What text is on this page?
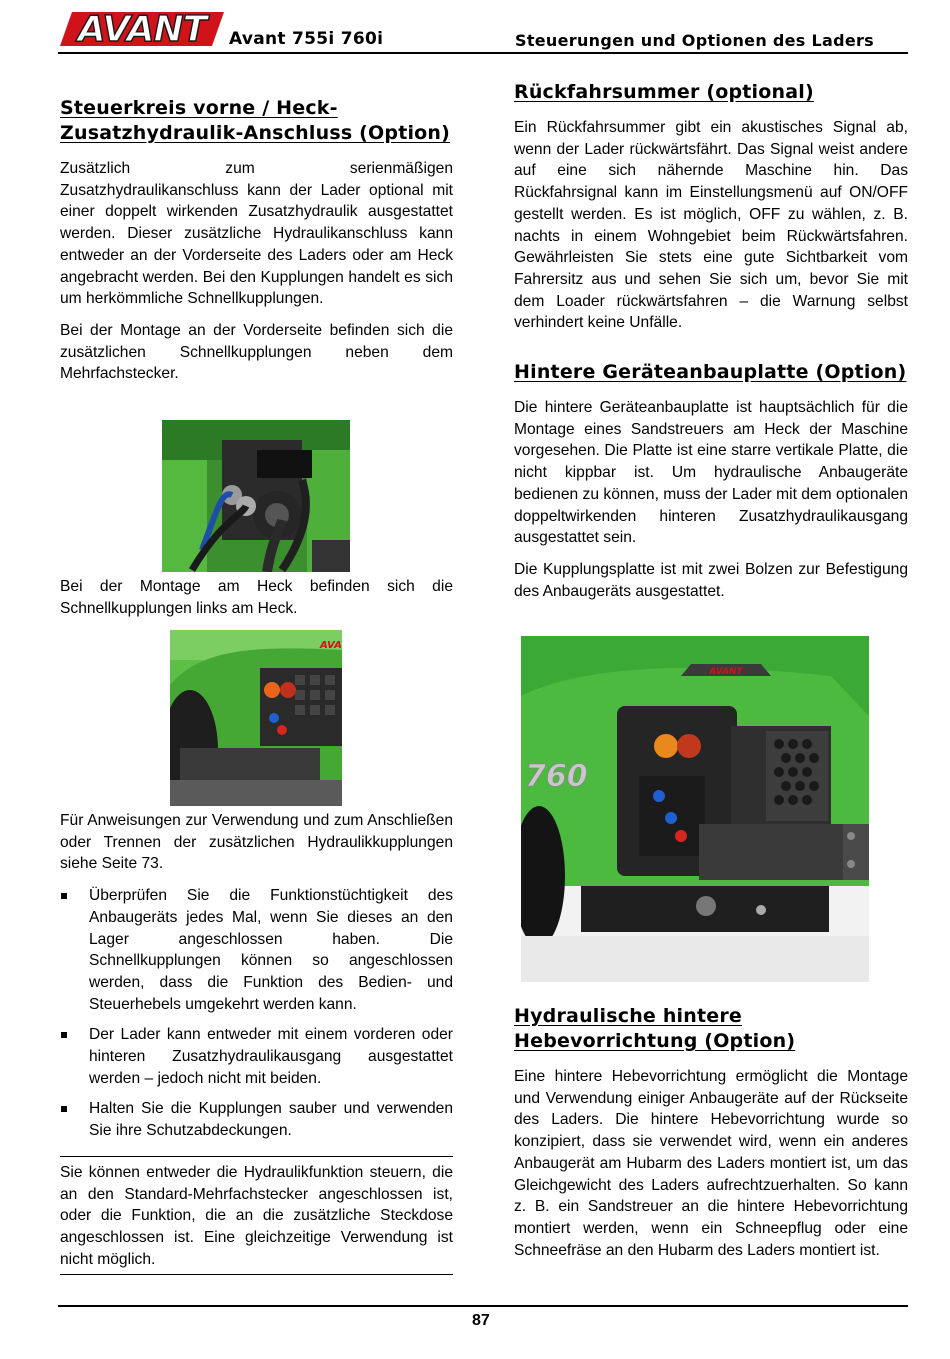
AVANT Avant 755i 760i	Steuerungen und Optionen des Laders
Steuerkreis vorne / Heck-Zusatzhydraulik-Anschluss (Option)

Zusätzlich zum serienmäßigen Zusatzhydraulikanschluss kann der Lader optional mit einer doppelt wirkenden Zusatzhydraulik ausgestattet werden. Dieser zusätzliche Hydraulikanschluss kann entweder an der Vorderseite des Laders oder am Heck angebracht werden. Bei den Kupplungen handelt es sich um herkömmliche Schnellkupplungen.

Bei der Montage an der Vorderseite befinden sich die zusätzlichen Schnellkupplungen neben dem Mehrfachstecker.

Bei der Montage am Heck befinden sich die Schnellkupplungen links am Heck.

AVA

Für Anweisungen zur Verwendung und zum Anschließen oder Trennen der zusätzlichen Hydraulikkupplungen siehe Seite 73.

Überprüfen Sie die Funktionstüchtigkeit des Anbaugeräts jedes Mal, wenn Sie dieses an den Lager angeschlossen haben. Die Schnellkupplungen können so angeschlossen werden, dass die Funktion des Bedien- und Steuerhebels umgekehrt werden kann.
Der Lader kann entweder mit einem vorderen oder hinteren Zusatzhydraulikausgang ausgestattet werden – jedoch nicht mit beiden.
Halten Sie die Kupplungen sauber und verwenden Sie ihre Schutzabdeckungen.

Sie können entweder die Hydraulikfunktion steuern, die an den Standard-Mehrfachstecker angeschlossen ist, oder die Funktion, die an die zusätzliche Steckdose angeschlossen ist. Eine gleichzeitige Verwendung ist nicht möglich.

Rückfahrsummer (optional)

Ein Rückfahrsummer gibt ein akustisches Signal ab, wenn der Lader rückwärtsfährt. Das Signal weist andere auf eine sich nähernde Maschine hin. Das Rückfahrsignal kann im Einstellungsmenü auf ON/OFF gestellt werden. Es ist möglich, OFF zu wählen, z. B. nachts in einem Wohngebiet beim Rückwärtsfahren. Gewährleisten Sie stets eine gute Sichtbarkeit vom Fahrersitz aus und sehen Sie sich um, bevor Sie mit dem Loader rückwärtsfahren – die Warnung selbst verhindert keine Unfälle.

Hintere Geräteanbauplatte (Option)

Die hintere Geräteanbauplatte ist hauptsächlich für die Montage eines Sandstreuers am Heck der Maschine vorgesehen. Die Platte ist eine starre vertikale Platte, die nicht kippbar ist. Um hydraulische Anbaugeräte bedienen zu können, muss der Lader mit dem optionalen doppeltwirkenden hinteren Zusatzhydraulikausgang ausgestattet sein.

Die Kupplungsplatte ist mit zwei Bolzen zur Befestigung des Anbaugeräts ausgestattet.

AVANT
760
Hydraulische hintere Hebevorrichtung (Option)

Eine hintere Hebevorrichtung ermöglicht die Montage und Verwendung einiger Anbaugeräte auf der Rückseite des Laders. Die hintere Hebevorrichtung wurde so konzipiert, dass sie verwendet wird, wenn ein anderes Anbaugerät am Hubarm des Laders montiert ist, um das Gleichgewicht des Laders aufrechtzuerhalten. So kann z. B. ein Sandstreuer an die hintere Hebevorrichtung montiert werden, wenn ein Schneepflug oder eine Schneefräse an den Hubarm des Laders montiert ist.

87
